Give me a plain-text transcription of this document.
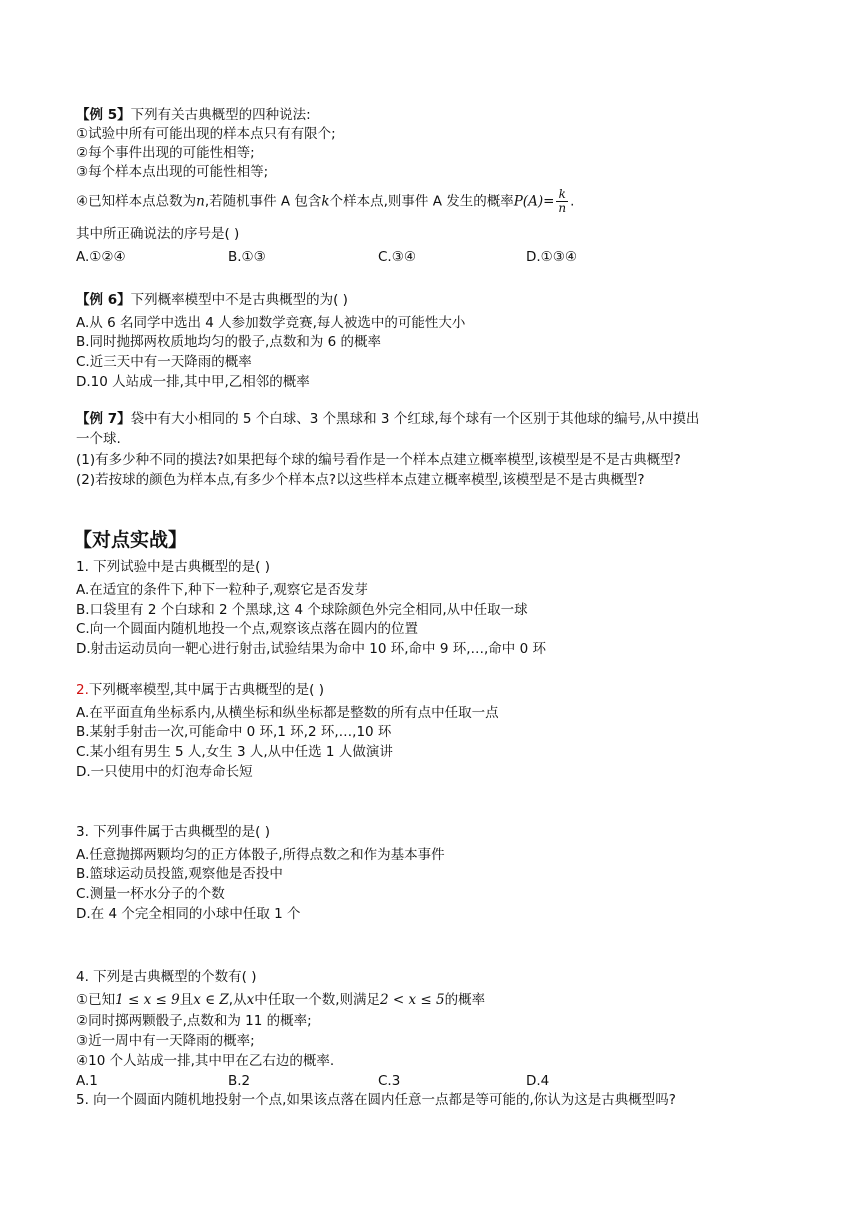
【例 5】下列有关古典概型的四种说法:
①试验中所有可能出现的样本点只有有限个;
②每个事件出现的可能性相等;
③每个样本点出现的可能性相等;
④已知样本点总数为n,若随机事件 A 包含k个样本点,则事件 A 发生的概率$P(A)= \frac{k}{n}$ .
其中所正确说法的序号是( )
A.①②④	B.①③	C.③④	D.①③④
【例 6】下列概率模型中不是古典概型的为( )
A.从 6 名同学中选出 4 人参加数学竞赛,每人被选中的可能性大小
B.同时抛掷两枚质地均匀的骰子,点数和为 6 的概率
C.近三天中有一天降雨的概率
D.10 人站成一排,其中甲,乙相邻的概率
【例 7】袋中有大小相同的 5 个白球、3 个黑球和 3 个红球,每个球有一个区别于其他球的编号,从中摸出
一个球.
(1)有多少种不同的摸法?如果把每个球的编号看作是一个样本点建立概率模型,该模型是不是古典概型?
(2)若按球的颜色为样本点,有多少个样本点?以这些样本点建立概率模型,该模型是不是古典概型?
【对点实战】
1. 下列试验中是古典概型的是( )
A.在适宜的条件下,种下一粒种子,观察它是否发芽
B.口袋里有 2 个白球和 2 个黑球,这 4 个球除颜色外完全相同,从中任取一球
C.向一个圆面内随机地投一个点,观察该点落在圆内的位置
D.射击运动员向一靶心进行射击,试验结果为命中 10 环,命中 9 环,…,命中 0 环
2.下列概率模型,其中属于古典概型的是( )
A.在平面直角坐标系内,从横坐标和纵坐标都是整数的所有点中任取一点
B.某射手射击一次,可能命中 0 环,1 环,2 环,…,10 环
C.某小组有男生 5 人,女生 3 人,从中任选 1 人做演讲
D.一只使用中的灯泡寿命长短
3. 下列事件属于古典概型的是( )
A.任意抛掷两颗均匀的正方体骰子,所得点数之和作为基本事件
B.篮球运动员投篮,观察他是否投中
C.测量一杯水分子的个数
D.在 4 个完全相同的小球中任取 1 个
4. 下列是古典概型的个数有( )
①已知1 ≤ x ≤ 9且x ∈ Z,从x中任取一个数,则满足2 < x ≤ 5的概率
②同时掷两颗骰子,点数和为 11 的概率;
③近一周中有一天降雨的概率;
④10 个人站成一排,其中甲在乙右边的概率.
A.1	B.2	C.3	D.4
5. 向一个圆面内随机地投射一个点,如果该点落在圆内任意一点都是等可能的,你认为这是古典概型吗?
